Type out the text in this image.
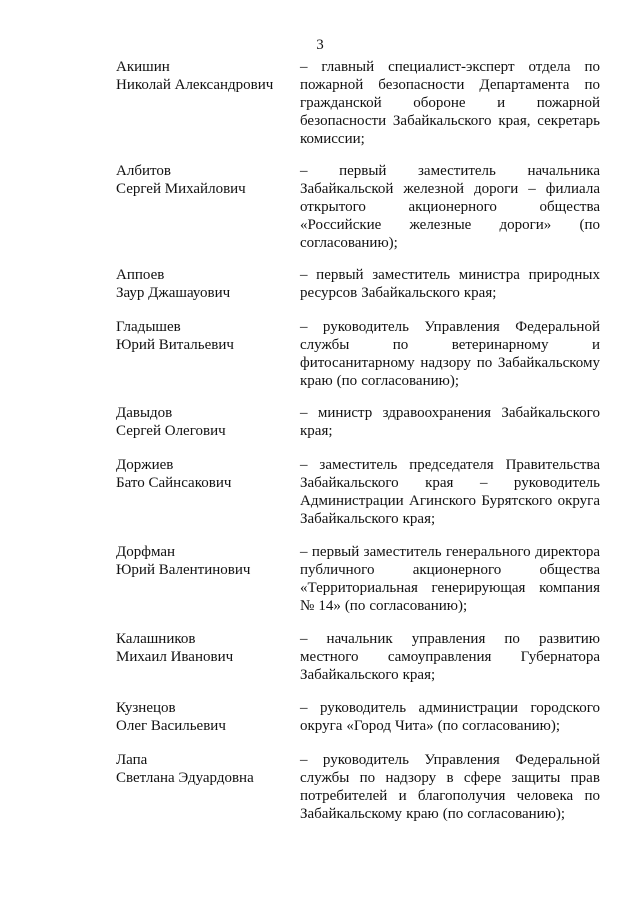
3
Акишин
Николай Александрович
– главный специалист-эксперт отдела по
пожарной безопасности Департамента по
гражданской обороне и пожарной
безопасности Забайкальского края, секретарь
комиссии;
Албитов
Сергей Михайлович
– первый заместитель начальника
Забайкальской железной дороги – филиала
открытого	акционерного	общества
«Российские железные дороги» (по
согласованию);
Аппоев
Заур Джашауович
– первый заместитель министра природных
ресурсов Забайкальского края;
Гладышев
Юрий Витальевич
– руководитель Управления Федеральной
службы	по	ветеринарному	и
фитосанитарному надзору по Забайкальскому
краю (по согласованию);
Давыдов
Сергей Олегович
– министр здравоохранения Забайкальского
края;
Доржиев
Бато Сайнсакович
– заместитель председателя Правительства
Забайкальского края – руководитель
Администрации Агинского Бурятского округа
Забайкальского края;
Дорфман
Юрий Валентинович
– первый заместитель генерального директора
публичного	акционерного	общества
«Территориальная генерирующая компания
№ 14» (по согласованию);
Калашников
Михаил Иванович
– начальник управления по развитию
местного самоуправления Губернатора
Забайкальского края;
Кузнецов
Олег Васильевич
– руководитель администрации городского
округа «Город Чита» (по согласованию);
Лапа
Светлана Эдуардовна
– руководитель Управления Федеральной
службы по надзору в сфере защиты прав
потребителей и благополучия человека по
Забайкальскому краю (по согласованию);
